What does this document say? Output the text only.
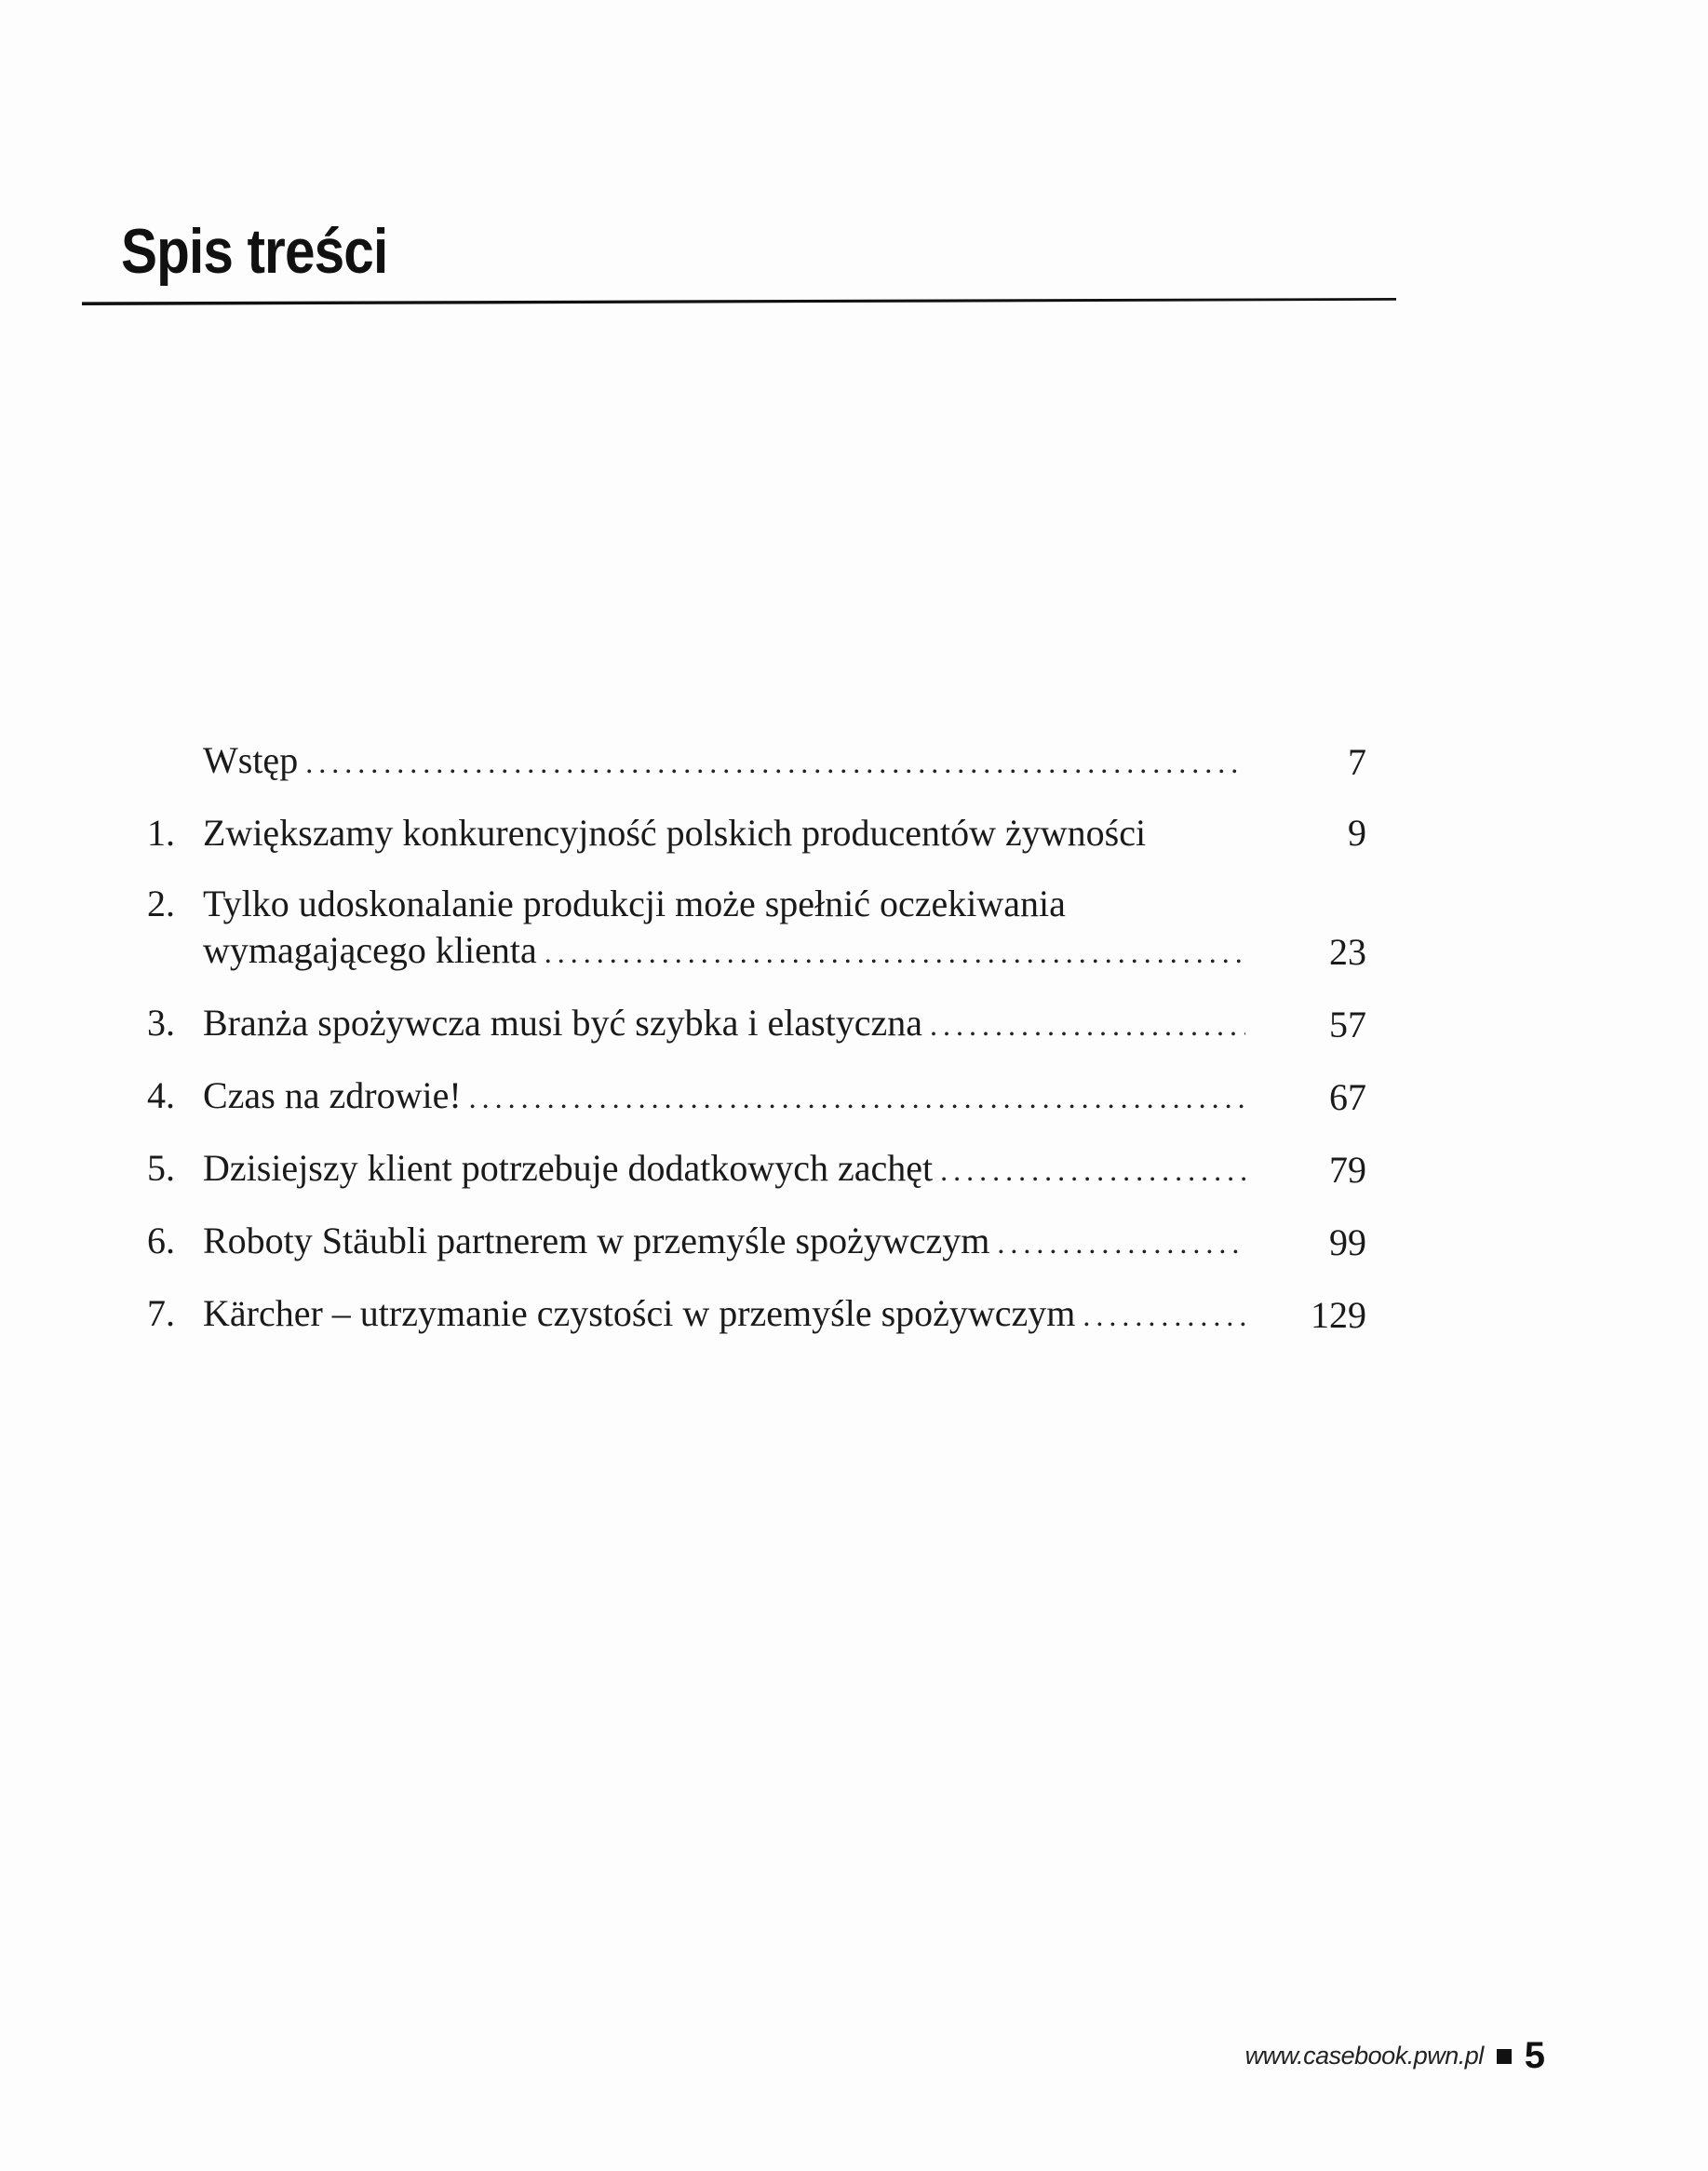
Spis treści
Wstęp .....	7
1. Zwiększamy konkurencyjność polskich producentów żywności	9
2. Tylko udoskonalanie produkcji może spełnić oczekiwania
wymagającego klienta .....	23
3. Branża spożywcza musi być szybka i elastyczna .....	57
4. Czas na zdrowie! .....	67
5. Dzisiejszy klient potrzebuje dodatkowych zachęt .....	79
6. Roboty Stäubli partnerem w przemyśle spożywczym .....	99
7. Kärcher – utrzymanie czystości w przemyśle spożywczym .....	129
www.casebook.pwn.pl 5
